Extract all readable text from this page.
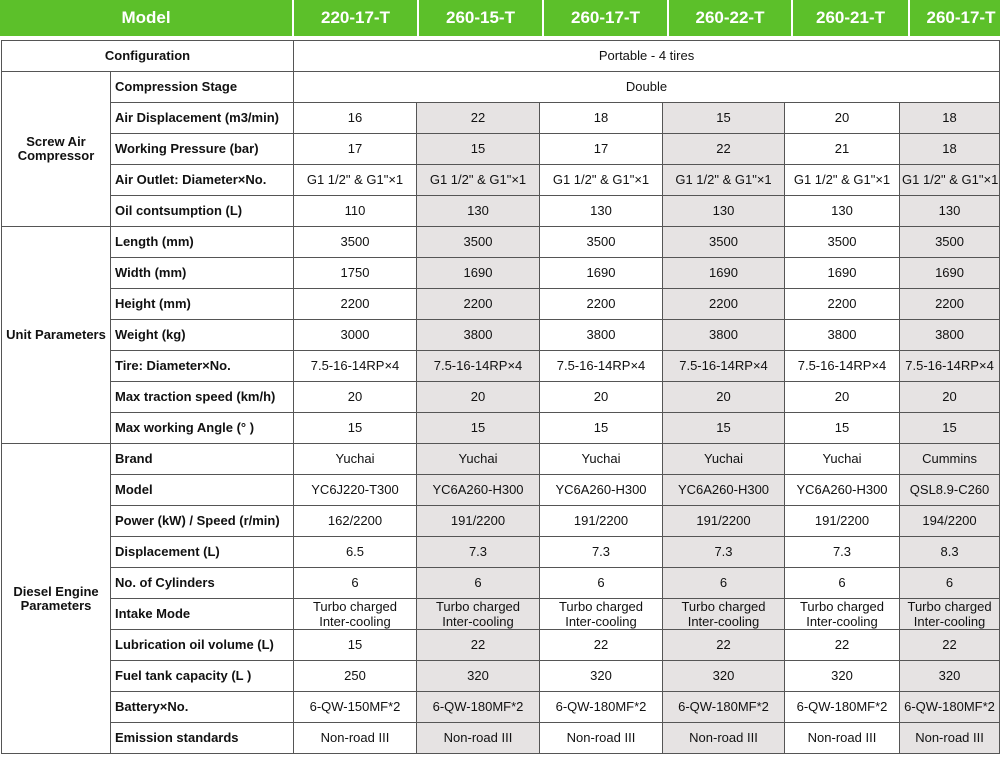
Model	220-17-T	260-15-T	260-17-T	260-22-T	260-21-T	260-17-T
Configuration		Portable - 4 tires					
Screw Air Compressor	Compression Stage	Double					
	Air Displacement (m3/min)	16	22	18	15	20	18
	Working Pressure (bar)	17	15	17	22	21	18
	Air Outlet: Diameter×No.	G1 1/2" & G1"×1	G1 1/2" & G1"×1	G1 1/2" & G1"×1	G1 1/2" & G1"×1	G1 1/2" & G1"×1	G1 1/2" & G1"×1
	Oil contsumption (L)	110	130	130	130	130	130
Unit Parameters	Length (mm)	3500	3500	3500	3500	3500	3500
	Width (mm)	1750	1690	1690	1690	1690	1690
	Height (mm)	2200	2200	2200	2200	2200	2200
	Weight (kg)	3000	3800	3800	3800	3800	3800
	Tire: Diameter×No.	7.5-16-14RP×4	7.5-16-14RP×4	7.5-16-14RP×4	7.5-16-14RP×4	7.5-16-14RP×4	7.5-16-14RP×4
	Max traction speed (km/h)	20	20	20	20	20	20
	Max working Angle (° )	15	15	15	15	15	15
Diesel Engine Parameters	Brand	Yuchai	Yuchai	Yuchai	Yuchai	Yuchai	Cummins
	Model	YC6J220-T300	YC6A260-H300	YC6A260-H300	YC6A260-H300	YC6A260-H300	QSL8.9-C260
	Power (kW) / Speed (r/min)	162/2200	191/2200	191/2200	191/2200	191/2200	194/2200
	Displacement (L)	6.5	7.3	7.3	7.3	7.3	8.3
	No. of Cylinders	6	6	6	6	6	6
	Intake Mode	Turbo charged Inter-cooling	Turbo charged Inter-cooling	Turbo charged Inter-cooling	Turbo charged Inter-cooling	Turbo charged Inter-cooling	Turbo charged Inter-cooling
	Lubrication oil volume (L)	15	22	22	22	22	22
	Fuel tank capacity (L )	250	320	320	320	320	320
	Battery×No.	6-QW-150MF*2	6-QW-180MF*2	6-QW-180MF*2	6-QW-180MF*2	6-QW-180MF*2	6-QW-180MF*2
	Emission standards	Non-road III	Non-road III	Non-road III	Non-road III	Non-road III	Non-road III
